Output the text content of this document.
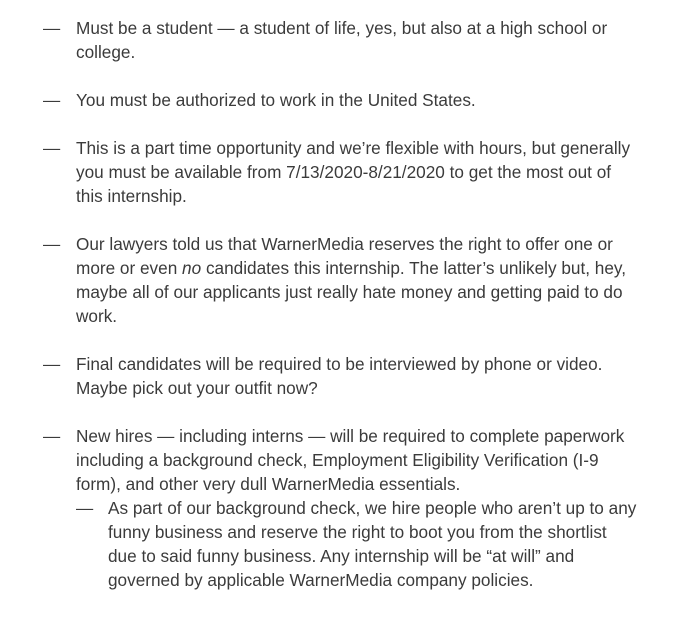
— Must be a student — a student of life, yes, but also at a high school or college.
— You must be authorized to work in the United States.
— This is a part time opportunity and we’re flexible with hours, but generally you must be available from 7/13/2020-8/21/2020 to get the most out of this internship.
— Our lawyers told us that WarnerMedia reserves the right to offer one or more or even no candidates this internship. The latter’s unlikely but, hey, maybe all of our applicants just really hate money and getting paid to do work.
— Final candidates will be required to be interviewed by phone or video. Maybe pick out your outfit now?
— New hires — including interns — will be required to complete paperwork including a background check, Employment Eligibility Verification (I-9 form), and other very dull WarnerMedia essentials.
— As part of our background check, we hire people who aren’t up to any funny business and reserve the right to boot you from the shortlist due to said funny business. Any internship will be “at will” and governed by applicable WarnerMedia company policies.
